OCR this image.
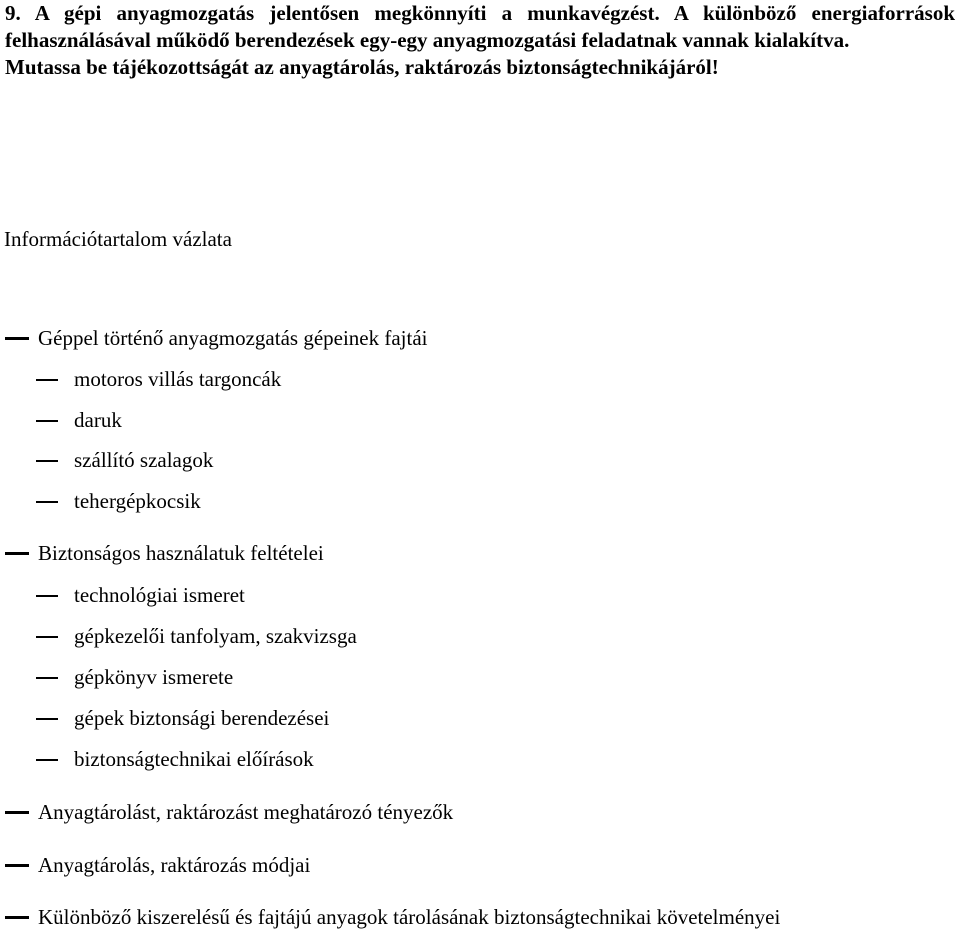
9. A gépi anyagmozgatás jelentősen megkönnyíti a munkavégzést. A különböző energiaforrások felhasználásával működő berendezések egy-egy anyagmozgatási feladatnak vannak kialakítva.

Mutassa be tájékozottságát az anyagtárolás, raktározás biztonságtechnikájáról!

Információtartalom vázlata
Géppel történő anyagmozgatás gépeinek fajtái
motoros villás targoncák
daruk
szállító szalagok
tehergépkocsik
Biztonságos használatuk feltételei
technológiai ismeret
gépkezelői tanfolyam, szakvizsga
gépkönyv ismerete
gépek biztonsági berendezései
biztonságtechnikai előírások
Anyagtárolást, raktározást meghatározó tényezők
Anyagtárolás, raktározás módjai
Különböző kiszerelésű és fajtájú anyagok tárolásának biztonságtechnikai követelményei
